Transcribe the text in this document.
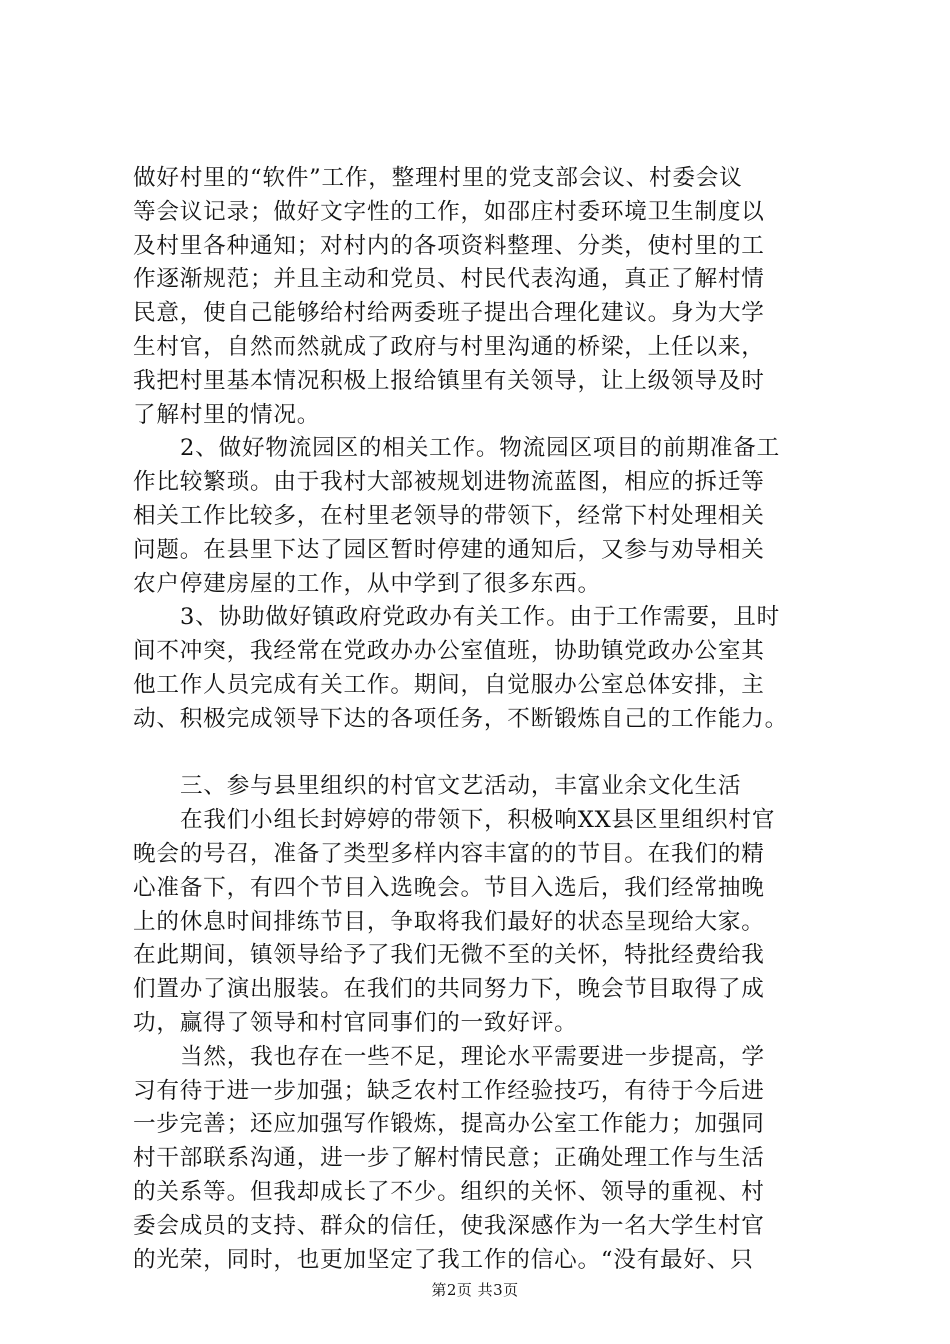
做好村里的“软件”工作，整理村里的党支部会议、村委会议
等会议记录；做好文字性的工作，如邵庄村委环境卫生制度以
及村里各种通知；对村内的各项资料整理、分类，使村里的工
作逐渐规范；并且主动和党员、村民代表沟通，真正了解村情
民意，使自己能够给村给两委班子提出合理化建议。身为大学
生村官，自然而然就成了政府与村里沟通的桥梁，上任以来，
我把村里基本情况积极上报给镇里有关领导，让上级领导及时
了解村里的情况。
2、做好物流园区的相关工作。物流园区项目的前期准备工
作比较繁琐。由于我村大部被规划进物流蓝图，相应的拆迁等
相关工作比较多，在村里老领导的带领下，经常下村处理相关
问题。在县里下达了园区暂时停建的通知后，又参与劝导相关
农户停建房屋的工作，从中学到了很多东西。
3、协助做好镇政府党政办有关工作。由于工作需要，且时
间不冲突，我经常在党政办办公室值班，协助镇党政办公室其
他工作人员完成有关工作。期间，自觉服办公室总体安排，主
动、积极完成领导下达的各项任务，不断锻炼自己的工作能力。
三、参与县里组织的村官文艺活动，丰富业余文化生活
在我们小组长封婷婷的带领下，积极响XX县区里组织村官
晚会的号召，准备了类型多样内容丰富的的节目。在我们的精
心准备下，有四个节目入选晚会。节目入选后，我们经常抽晚
上的休息时间排练节目，争取将我们最好的状态呈现给大家。
在此期间，镇领导给予了我们无微不至的关怀，特批经费给我
们置办了演出服装。在我们的共同努力下，晚会节目取得了成
功，赢得了领导和村官同事们的一致好评。
当然，我也存在一些不足，理论水平需要进一步提高，学
习有待于进一步加强；缺乏农村工作经验技巧，有待于今后进
一步完善；还应加强写作锻炼，提高办公室工作能力；加强同
村干部联系沟通，进一步了解村情民意；正确处理工作与生活
的关系等。但我却成长了不少。组织的关怀、领导的重视、村
委会成员的支持、群众的信任，使我深感作为一名大学生村官
的光荣，同时，也更加坚定了我工作的信心。“没有最好、只
第2页 共3页
